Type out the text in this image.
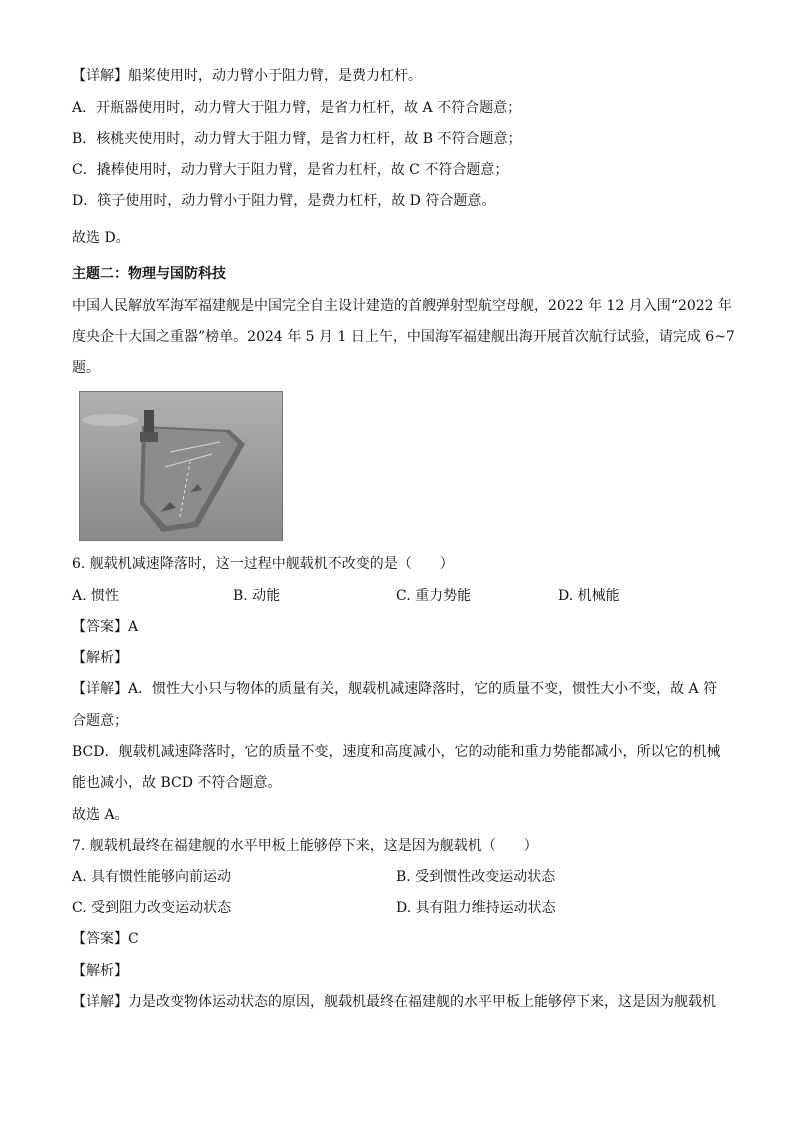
【详解】船桨使用时，动力臂小于阻力臂，是费力杠杆。
A．开瓶器使用时，动力臂大于阻力臂，是省力杠杆，故 A 不符合题意；
B．核桃夹使用时，动力臂大于阻力臂，是省力杠杆，故 B 不符合题意；
C．撬棒使用时，动力臂大于阻力臂，是省力杠杆，故 C 不符合题意；
D．筷子使用时，动力臂小于阻力臂，是费力杠杆，故 D 符合题意。
故选 D。
主题二：物理与国防科技
中国人民解放军海军福建舰是中国完全自主设计建造的首艘弹射型航空母舰，2022 年 12 月入围“2022 年
度央企十大国之重器”榜单。2024 年 5 月 1 日上午，中国海军福建舰出海开展首次航行试验，请完成 6~7
题。
6. 舰载机减速降落时，这一过程中舰载机不改变的是（　　）
A. 惯性	B. 动能	C. 重力势能	D. 机械能
【答案】A
【解析】
【详解】A．惯性大小只与物体的质量有关，舰载机减速降落时，它的质量不变，惯性大小不变，故 A 符
合题意；
BCD．舰载机减速降落时，它的质量不变，速度和高度减小，它的动能和重力势能都减小，所以它的机械
能也减小，故 BCD 不符合题意。
故选 A。
7. 舰载机最终在福建舰的水平甲板上能够停下来，这是因为舰载机（　　）
A. 具有惯性能够向前运动	B. 受到惯性改变运动状态
C. 受到阻力改变运动状态	D. 具有阻力维持运动状态
【答案】C
【解析】
【详解】力是改变物体运动状态的原因，舰载机最终在福建舰的水平甲板上能够停下来，这是因为舰载机
